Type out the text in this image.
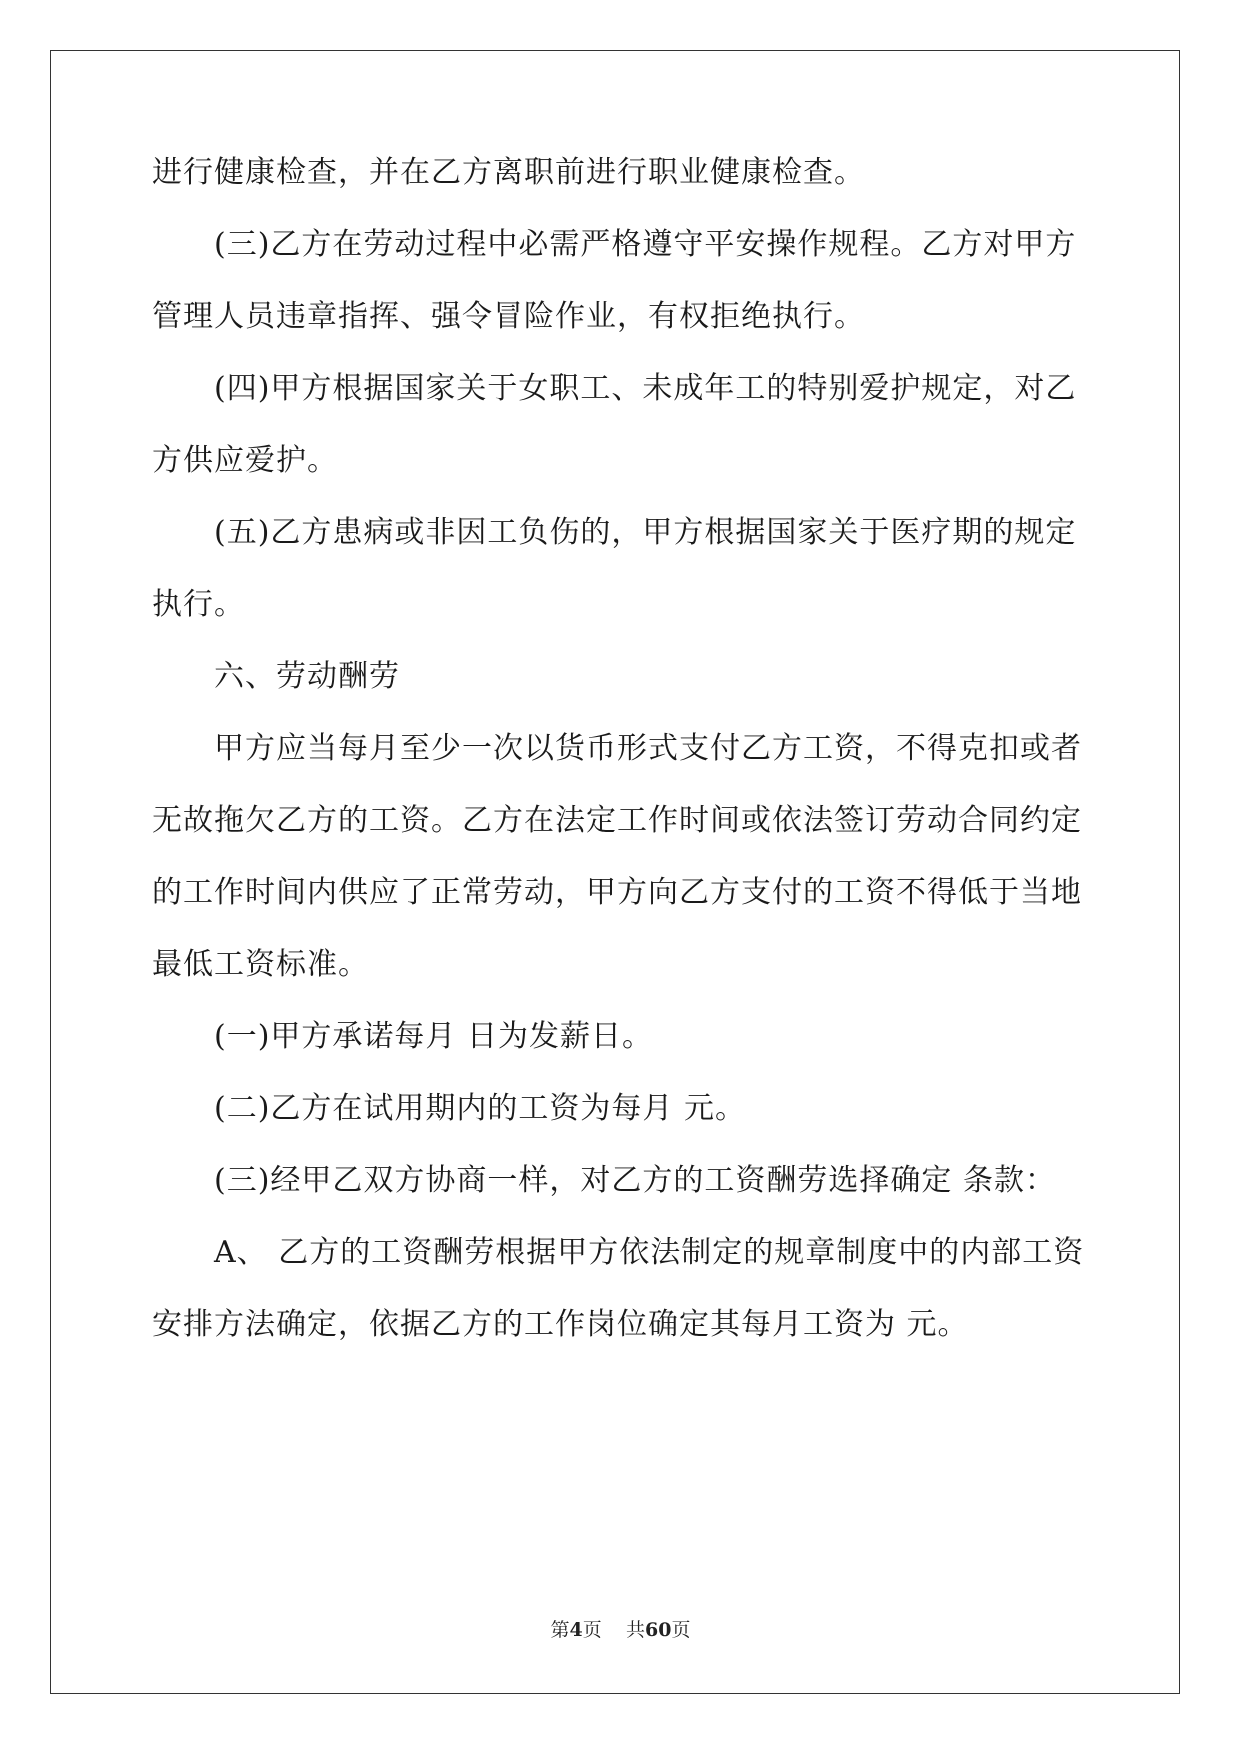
进行健康检查，并在乙方离职前进行职业健康检查。
(三)乙方在劳动过程中必需严格遵守平安操作规程。乙方对甲方
管理人员违章指挥、强令冒险作业，有权拒绝执行。
(四)甲方根据国家关于女职工、未成年工的特别爱护规定，对乙
方供应爱护。
(五)乙方患病或非因工负伤的，甲方根据国家关于医疗期的规定
执行。
六、劳动酬劳
甲方应当每月至少一次以货币形式支付乙方工资，不得克扣或者
无故拖欠乙方的工资。乙方在法定工作时间或依法签订劳动合同约定
的工作时间内供应了正常劳动，甲方向乙方支付的工资不得低于当地
最低工资标准。
(一)甲方承诺每月 日为发薪日。
(二)乙方在试用期内的工资为每月 元。
(三)经甲乙双方协商一样，对乙方的工资酬劳选择确定 条款：
A、 乙方的工资酬劳根据甲方依法制定的规章制度中的内部工资
安排方法确定，依据乙方的工作岗位确定其每月工资为 元。
第4页 共60页
